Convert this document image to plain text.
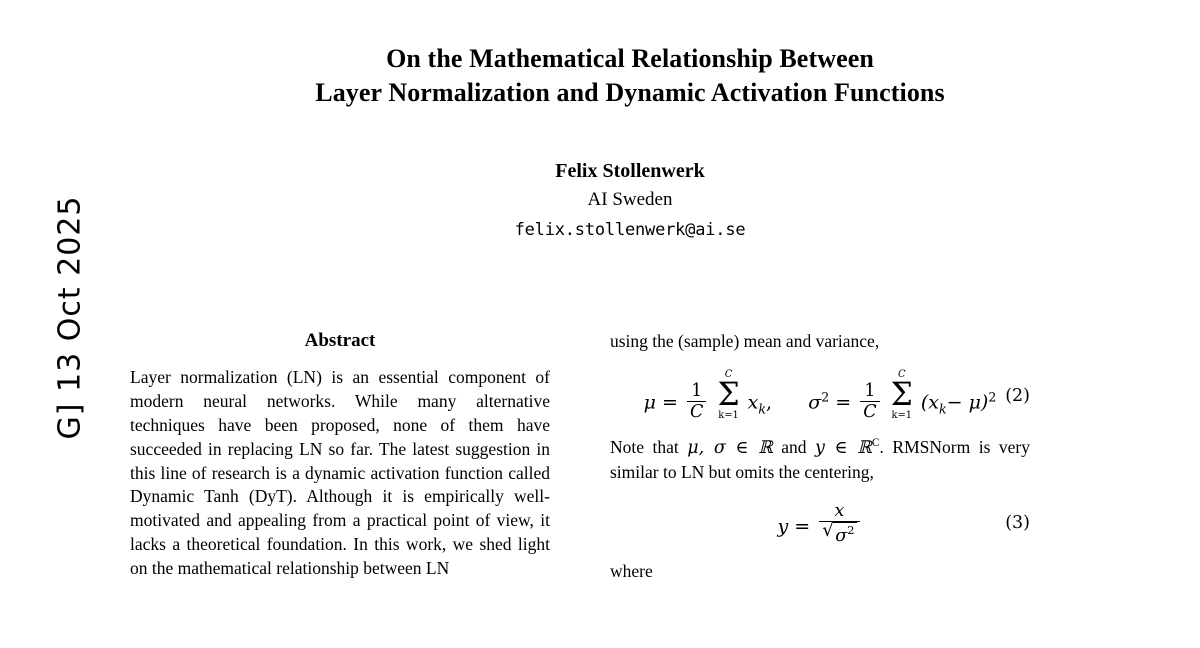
G] 13 Oct 2025
On the Mathematical Relationship Between
Layer Normalization and Dynamic Activation Functions
Felix Stollenwerk
AI Sweden
felix.stollenwerk@ai.se
Abstract

Layer normalization (LN) is an essential component of modern neural networks. While many alternative techniques have been proposed, none of them have succeeded in replacing LN so far. The latest suggestion in this line of research is a dynamic activation function called Dynamic Tanh (DyT). Although it is empirically well-motivated and appealing from a practical point of view, it lacks a theoretical foundation. In this work, we shed light on the mathematical relationship between LN

using the (sample) mean and variance,

$\mu = \frac{1}{C}$

C
Σ
k=1
$x_k$, $\sigma^2 = \frac{1}{C}$

C
Σ
k=1
$(x_k- \mu)^2$ (2)

Note that μ, σ ∈ ℝ and y ∈ ℝ$^C$. RMSNorm is very similar to LN but omits the centering,

y = x
√ $\sigma^2$	(3)

where
